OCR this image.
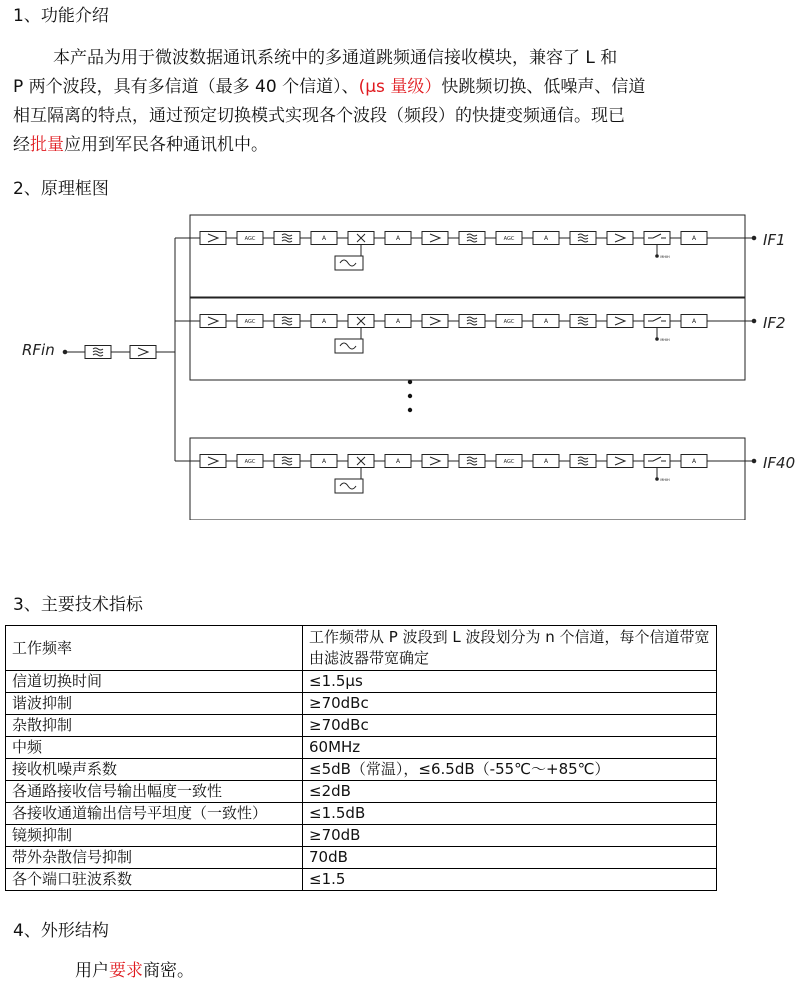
1、功能介绍
本产品为用于微波数据通讯系统中的多通道跳频通信接收模块，兼容了 L 和
P 两个波段，具有多信道（最多 40 个信道）、(μs 量级）快跳频切换、低噪声、信道
相互隔离的特点，通过预定切换模式实现各个波段（频段）的快捷变频通信。现已
经批量应用到军民各种通讯机中。
2、原理框图
AGC	A	A	AGC	A
MHIH
A
AGC	A	A	AGC	A
MHIH
A
AGC	A	A	AGC	A
MHIH
A
RFin
IF1
IF2
IF40
3、主要技术指标
工作频率	工作频带从 P 波段到 L 波段划分为 n 个信道，每个信道带宽由滤波器带宽确定
信道切换时间	≤1.5μs
谐波抑制	≥70dBc
杂散抑制	≥70dBc
中频	60MHz
接收机噪声系数	≤5dB（常温），≤6.5dB（-55℃～+85℃）
各通路接收信号输出幅度一致性	≤2dB
各接收通道输出信号平坦度（一致性）	≤1.5dB
镜频抑制	≥70dB
带外杂散信号抑制	70dB
各个端口驻波系数	≤1.5
4、外形结构
用户要求商密。
